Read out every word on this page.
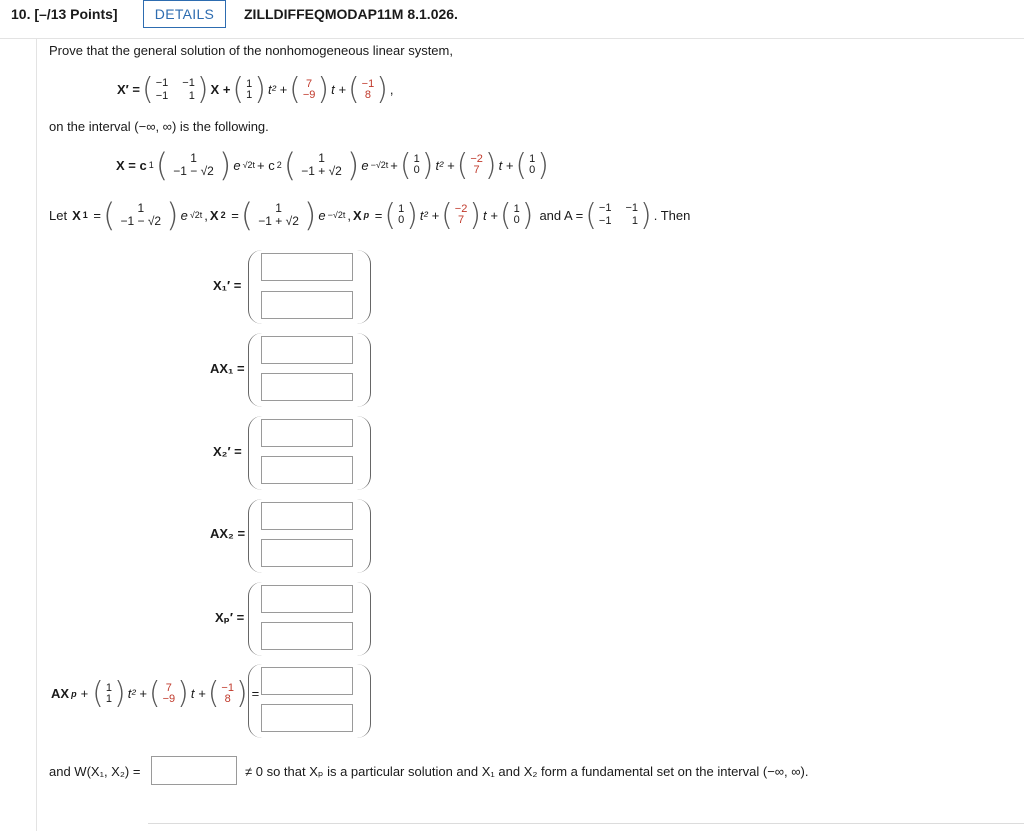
10. [–/13 Points]	DETAILS	ZILLDIFFEQMODAP11M 8.1.026.
Prove that the general solution of the nonhomogeneous linear system,
X′ = ( −1 −1
−1	1 ) X + ( 1
1 ) t² + ( 7
−9 ) t + ( −1
8 ) ,
on the interval (−∞, ∞) is the following.
X = c 1 ( 1
−1 − √2 ) e √2t + c 2 ( 1
−1 + √2 ) e −√2t + ( 1
0 ) t² + ( −2
7 ) t + ( 1
0 )
Let X 1 = ( 1
−1 − √2 ) e √2t , X 2 = ( 1
−1 + √2 ) e −√2t , X p = ( 1
0 ) t² + ( −2
7 ) t + ( 1
0 ) and A = ( −1 −1
−1	1 ) . Then
X₁′ =
AX₁ =
X₂′ =
AX₂ =
Xₚ′ =
AX p + ( 1
1 ) t² + ( 7
−9 ) t + ( −1
8 ) =
and W(X₁, X₂) =	≠ 0 so that Xₚ is a particular solution and X₁ and X₂ form a fundamental set on the interval (−∞, ∞).
